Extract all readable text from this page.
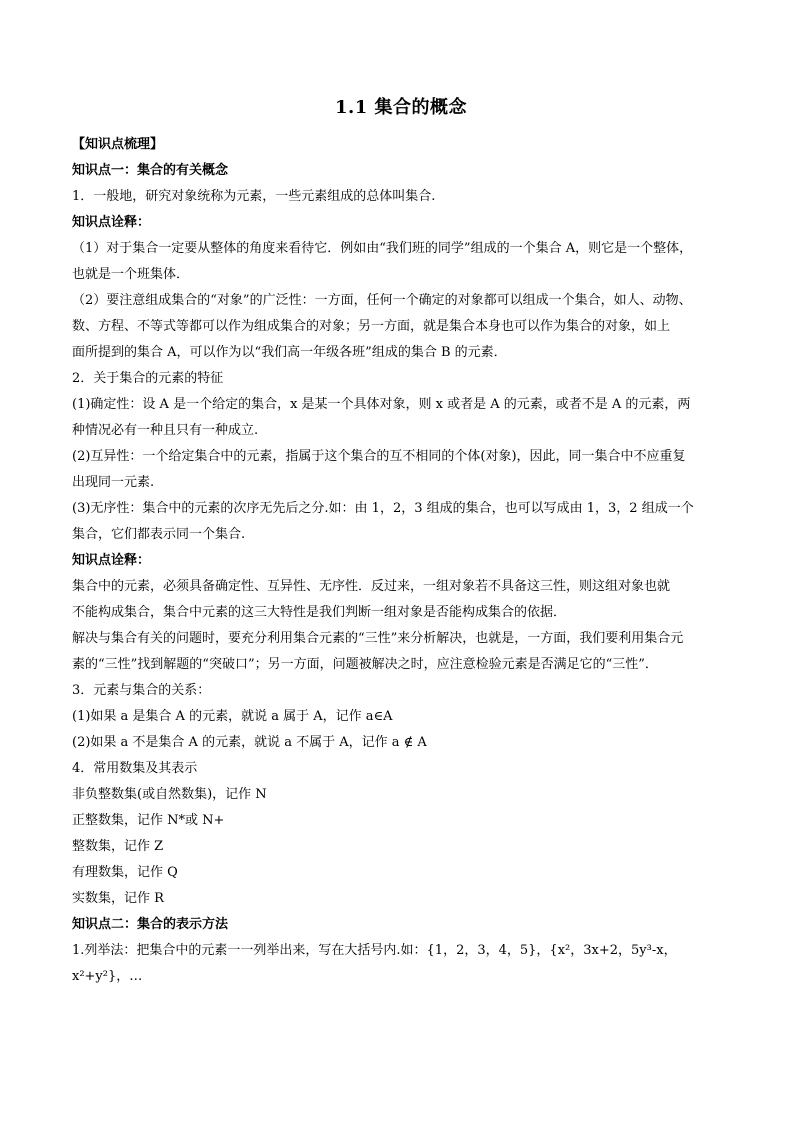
1.1 集合的概念
【知识点梳理】
知识点一：集合的有关概念
1．一般地，研究对象统称为元素，一些元素组成的总体叫集合.
知识点诠释：
（1）对于集合一定要从整体的角度来看待它．例如由“我们班的同学”组成的一个集合 A，则它是一个整体，
也就是一个班集体．
（2）要注意组成集合的“对象”的广泛性：一方面，任何一个确定的对象都可以组成一个集合，如人、动物、
数、方程、不等式等都可以作为组成集合的对象；另一方面，就是集合本身也可以作为集合的对象，如上
面所提到的集合 A，可以作为以“我们高一年级各班”组成的集合 B 的元素．
2．关于集合的元素的特征
(1)确定性：设 A 是一个给定的集合，x 是某一个具体对象，则 x 或者是 A 的元素，或者不是 A 的元素，两
种情况必有一种且只有一种成立.
(2)互异性：一个给定集合中的元素，指属于这个集合的互不相同的个体(对象)，因此，同一集合中不应重复
出现同一元素.
(3)无序性：集合中的元素的次序无先后之分.如：由 1，2，3 组成的集合，也可以写成由 1，3，2 组成一个
集合，它们都表示同一个集合.
知识点诠释：
集合中的元素，必须具备确定性、互异性、无序性．反过来，一组对象若不具备这三性，则这组对象也就
不能构成集合，集合中元素的这三大特性是我们判断一组对象是否能构成集合的依据．
解决与集合有关的问题时，要充分利用集合元素的“三性”来分析解决，也就是，一方面，我们要利用集合元
素的“三性”找到解题的“突破口”；另一方面，问题被解决之时，应注意检验元素是否满足它的“三性”．
3．元素与集合的关系：
(1)如果 a 是集合 A 的元素，就说 a 属于 A，记作 a∈A
(2)如果 a 不是集合 A 的元素，就说 a 不属于 A，记作 a ∉ A
4．常用数集及其表示
非负整数集(或自然数集)，记作 N
正整数集，记作 N*或 N+
整数集，记作 Z
有理数集，记作 Q
实数集，记作 R
知识点二：集合的表示方法
1.列举法：把集合中的元素一一列举出来，写在大括号内.如：{1，2，3，4，5}，{x²，3x+2，5y³-x，
x²+y²}，…
